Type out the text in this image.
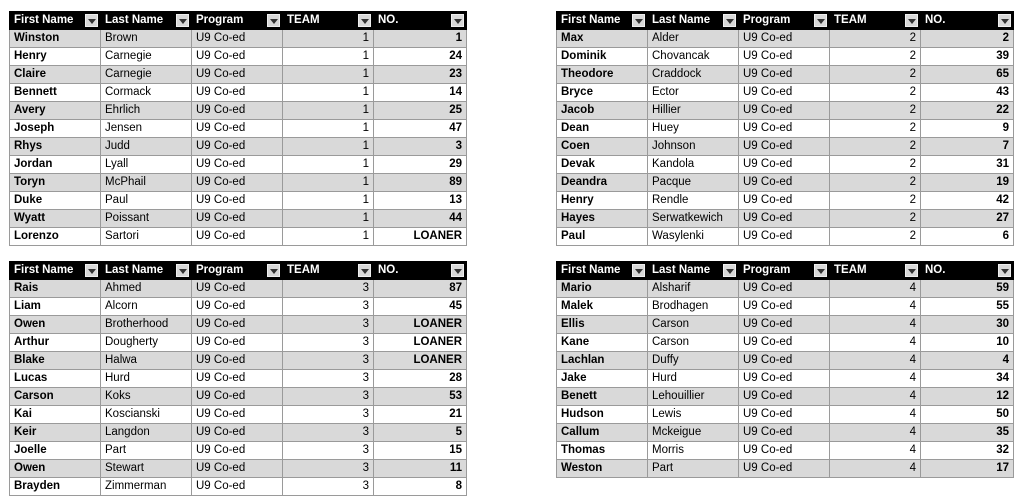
First Name	Last Name	Program	TEAM	NO.

Winston	Brown	U9 Co-ed	1	1
Henry	Carnegie	U9 Co-ed	1	24
Claire	Carnegie	U9 Co-ed	1	23
Bennett	Cormack	U9 Co-ed	1	14
Avery	Ehrlich	U9 Co-ed	1	25
Joseph	Jensen	U9 Co-ed	1	47
Rhys	Judd	U9 Co-ed	1	3
Jordan	Lyall	U9 Co-ed	1	29
Toryn	McPhail	U9 Co-ed	1	89
Duke	Paul	U9 Co-ed	1	13
Wyatt	Poissant	U9 Co-ed	1	44
Lorenzo	Sartori	U9 Co-ed	1	LOANER
First Name	Last Name	Program	TEAM	NO.

Max	Alder	U9 Co-ed	2	2
Dominik	Chovancak	U9 Co-ed	2	39
Theodore	Craddock	U9 Co-ed	2	65
Bryce	Ector	U9 Co-ed	2	43
Jacob	Hillier	U9 Co-ed	2	22
Dean	Huey	U9 Co-ed	2	9
Coen	Johnson	U9 Co-ed	2	7
Devak	Kandola	U9 Co-ed	2	31
Deandra	Pacque	U9 Co-ed	2	19
Henry	Rendle	U9 Co-ed	2	42
Hayes	Serwatkewich	U9 Co-ed	2	27
Paul	Wasylenki	U9 Co-ed	2	6
First Name	Last Name	Program	TEAM	NO.

Rais	Ahmed	U9 Co-ed	3	87
Liam	Alcorn	U9 Co-ed	3	45
Owen	Brotherhood	U9 Co-ed	3	LOANER
Arthur	Dougherty	U9 Co-ed	3	LOANER
Blake	Halwa	U9 Co-ed	3	LOANER
Lucas	Hurd	U9 Co-ed	3	28
Carson	Koks	U9 Co-ed	3	53
Kai	Koscianski	U9 Co-ed	3	21
Keir	Langdon	U9 Co-ed	3	5
Joelle	Part	U9 Co-ed	3	15
Owen	Stewart	U9 Co-ed	3	11
Brayden	Zimmerman	U9 Co-ed	3	8
First Name	Last Name	Program	TEAM	NO.

Mario	Alsharif	U9 Co-ed	4	59
Malek	Brodhagen	U9 Co-ed	4	55
Ellis	Carson	U9 Co-ed	4	30
Kane	Carson	U9 Co-ed	4	10
Lachlan	Duffy	U9 Co-ed	4	4
Jake	Hurd	U9 Co-ed	4	34
Benett	Lehouillier	U9 Co-ed	4	12
Hudson	Lewis	U9 Co-ed	4	50
Callum	Mckeigue	U9 Co-ed	4	35
Thomas	Morris	U9 Co-ed	4	32
Weston	Part	U9 Co-ed	4	17
